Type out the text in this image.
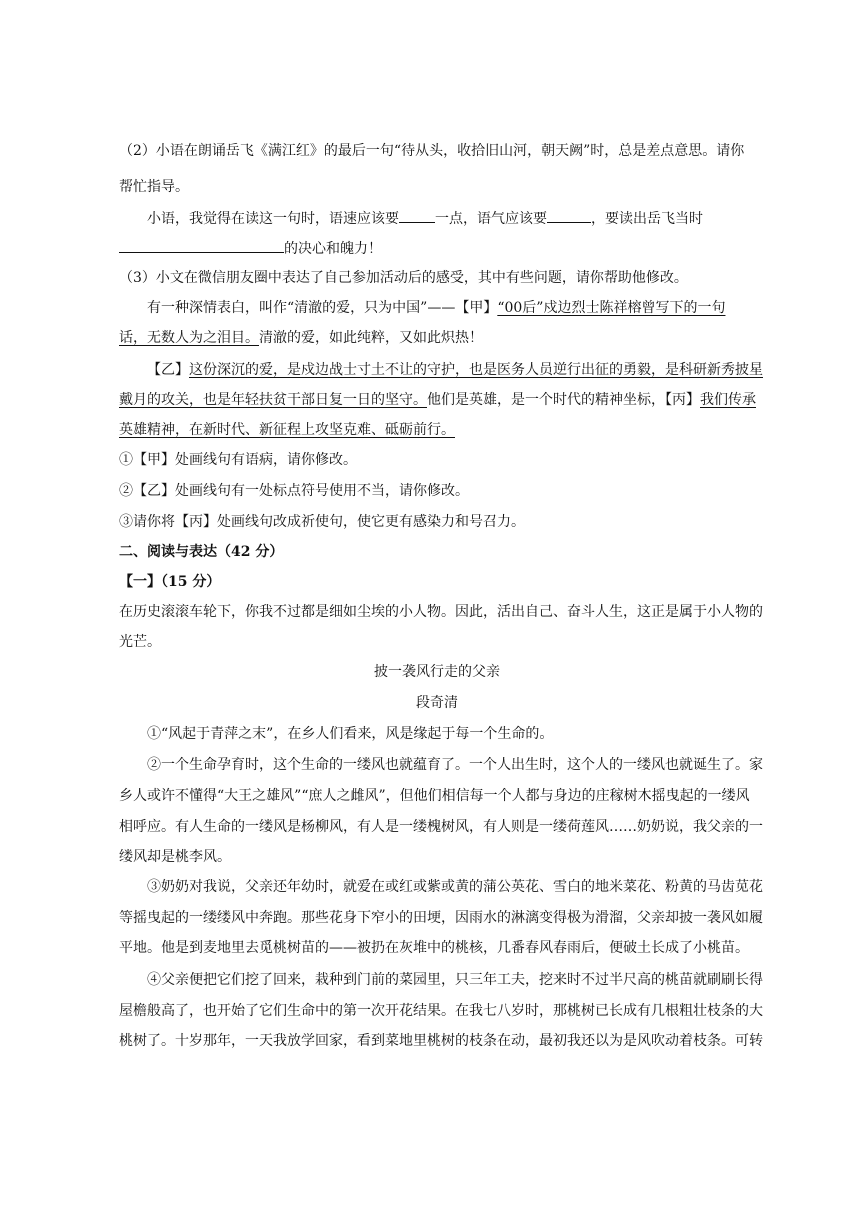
（2）小语在朗诵岳飞《满江红》的最后一句“待从头，收拾旧山河，朝天阙”时，总是差点意思。请你
帮忙指导。
小语，我觉得在读这一句时，语速应该要	一点，语气应该要	，要读出岳飞当时
的决心和魄力！
（3）小文在微信朋友圈中表达了自己参加活动后的感受，其中有些问题，请你帮助他修改。
有一种深情表白，叫作“清澈的爱，只为中国”——【甲】“00后”戍边烈士陈祥榕曾写下的一句
话，无数人为之泪目。清澈的爱，如此纯粹，又如此炽热！
【乙】这份深沉的爱，是戍边战士寸土不让的守护，也是医务人员逆行出征的勇毅，是科研新秀披星
戴月的攻关，也是年轻扶贫干部日复一日的坚守。他们是英雄，是一个时代的精神坐标，【丙】我们传承
英雄精神，在新时代、新征程上攻坚克难、砥砺前行。
①【甲】处画线句有语病，请你修改。
②【乙】处画线句有一处标点符号使用不当，请你修改。
③请你将【丙】处画线句改成祈使句，使它更有感染力和号召力。
二、阅读与表达（42 分）
【一】（15 分）
在历史滚滚车轮下，你我不过都是细如尘埃的小人物。因此，活出自己、奋斗人生，这正是属于小人物的
光芒。
披一袭风行走的父亲
段奇清
①“风起于青萍之末”，在乡人们看来，风是缘起于每一个生命的。
②一个生命孕育时，这个生命的一缕风也就蕴育了。一个人出生时，这个人的一缕风也就诞生了。家
乡人或许不懂得“大王之雄风”“庶人之雌风”，但他们相信每一个人都与身边的庄稼树木摇曳起的一缕风
相呼应。有人生命的一缕风是杨柳风，有人是一缕槐树风，有人则是一缕荷莲风……奶奶说，我父亲的一
缕风却是桃李风。
③奶奶对我说，父亲还年幼时，就爱在或红或紫或黄的蒲公英花、雪白的地米菜花、粉黄的马齿苋花
等摇曳起的一缕缕风中奔跑。那些花身下窄小的田埂，因雨水的淋漓变得极为滑溜，父亲却披一袭风如履
平地。他是到麦地里去觅桃树苗的——被扔在灰堆中的桃核，几番春风春雨后，便破土长成了小桃苗。
④父亲便把它们挖了回来，栽种到门前的菜园里，只三年工夫，挖来时不过半尺高的桃苗就刷刷长得
屋檐般高了，也开始了它们生命中的第一次开花结果。在我七八岁时，那桃树已长成有几根粗壮枝条的大
桃树了。十岁那年，一天我放学回家，看到菜地里桃树的枝条在动，最初我还以为是风吹动着枝条。可转
